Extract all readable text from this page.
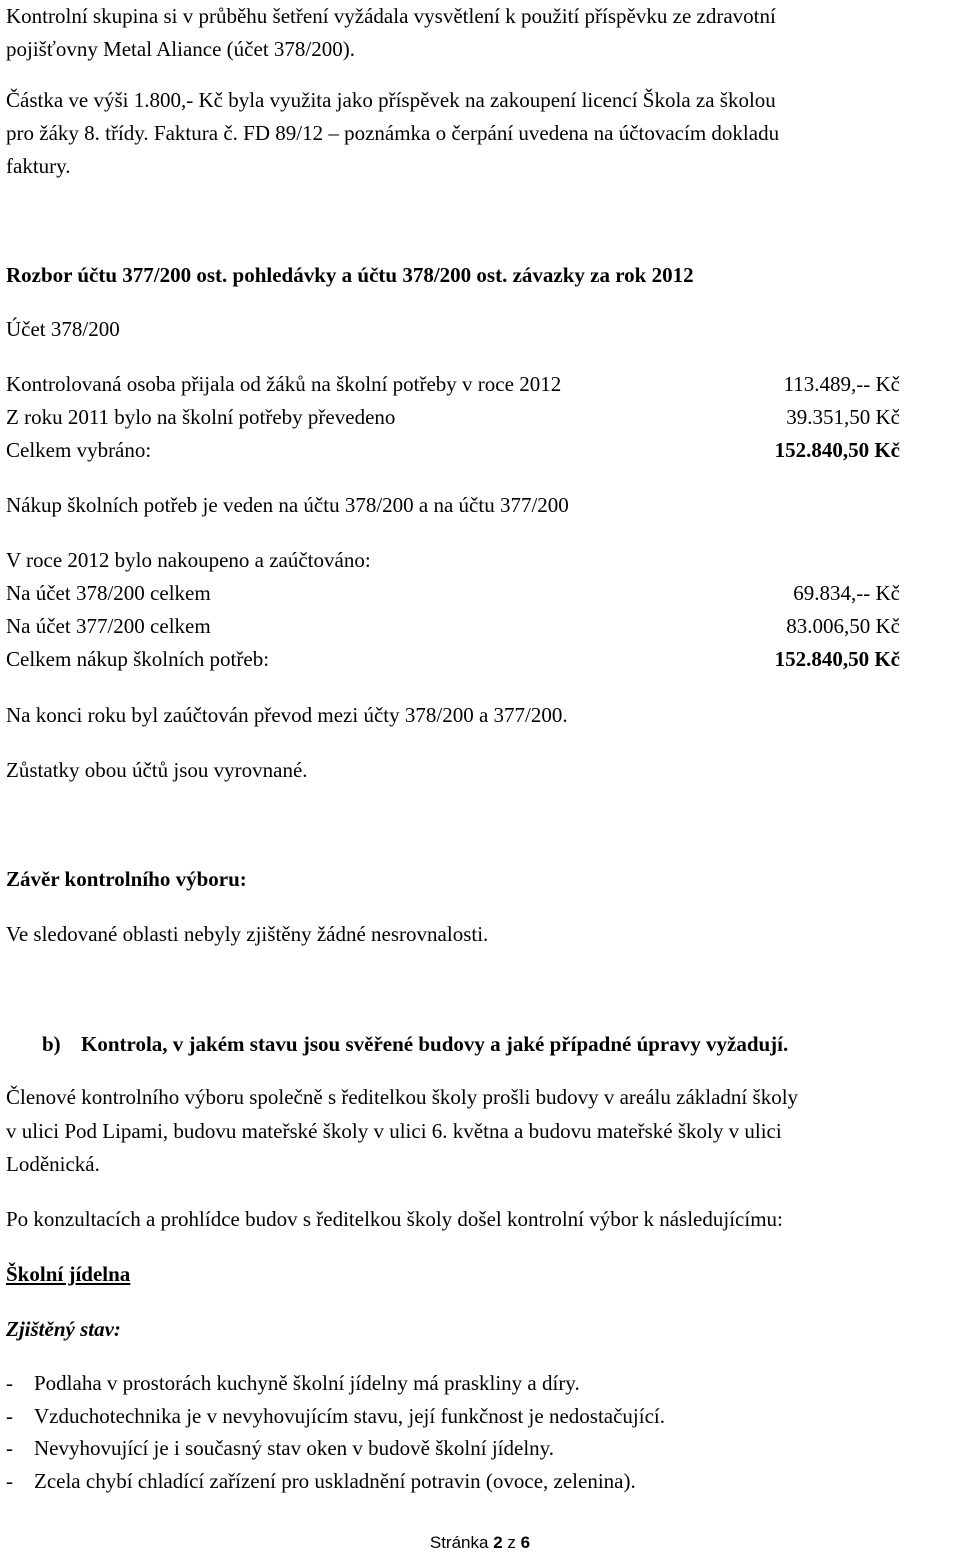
Kontrolní skupina si v průběhu šetření vyžádala vysvětlení k použití příspěvku ze zdravotní
pojišťovny Metal Aliance (účet 378/200).
Částka ve výši 1.800,- Kč byla využita jako příspěvek na zakoupení licencí Škola za školou
pro žáky 8. třídy. Faktura č. FD 89/12 – poznámka o čerpání uvedena na účtovacím dokladu
faktury.
Rozbor účtu 377/200 ost. pohledávky a účtu 378/200 ost. závazky za rok 2012
Účet 378/200
Kontrolovaná osoba přijala od žáků na školní potřeby v roce 2012	113.489,-- Kč
Z roku 2011 bylo na školní potřeby převedeno	39.351,50 Kč
Celkem vybráno:	152.840,50 Kč
Nákup školních potřeb je veden na účtu 378/200 a na účtu 377/200
V roce 2012 bylo nakoupeno a zaúčtováno:
Na účet 378/200 celkem	69.834,-- Kč
Na účet 377/200 celkem	83.006,50 Kč
Celkem nákup školních potřeb:	152.840,50 Kč
Na konci roku byl zaúčtován převod mezi účty 378/200 a 377/200.
Zůstatky obou účtů jsou vyrovnané.
Závěr kontrolního výboru:
Ve sledované oblasti nebyly zjištěny žádné nesrovnalosti.
b) Kontrola, v jakém stavu jsou svěřené budovy a jaké případné úpravy vyžadují.
Členové kontrolního výboru společně s ředitelkou školy prošli budovy v areálu základní školy
v ulici Pod Lipami, budovu mateřské školy v ulici 6. května a budovu mateřské školy v ulici
Loděnická.
Po konzultacích a prohlídce budov s ředitelkou školy došel kontrolní výbor k následujícímu:
Školní jídelna
Zjištěný stav:
- Podlaha v prostorách kuchyně školní jídelny má praskliny a díry.
- Vzduchotechnika je v nevyhovujícím stavu, její funkčnost je nedostačující.
- Nevyhovující je i současný stav oken v budově školní jídelny.
- Zcela chybí chladící zařízení pro uskladnění potravin (ovoce, zelenina).
Stránka 2 z 6
